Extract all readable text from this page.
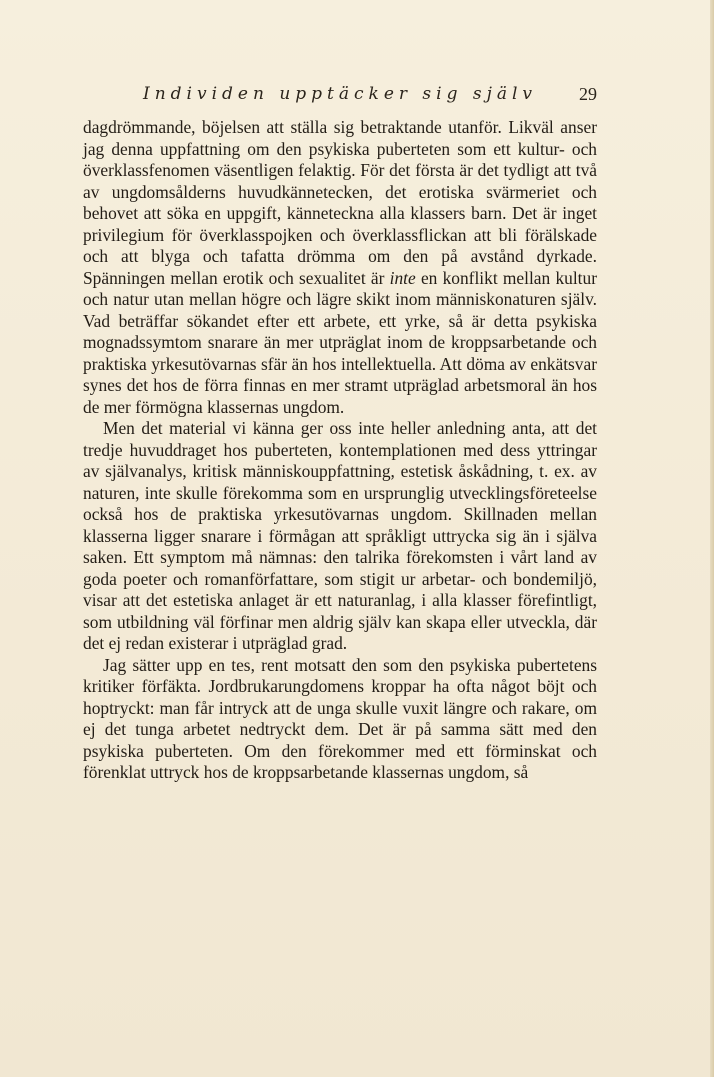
Individen upptäcker sig själv 29

dagdrömmande, böjelsen att ställa sig betraktande utanför. Likväl anser jag denna uppfattning om den psykiska puberteten som ett kultur- och överklassfenomen väsentligen felaktig. För det första är det tydligt att två av ungdomsålderns huvudkännetecken, det erotiska svärmeriet och behovet att söka en uppgift, känneteckna alla klassers barn. Det är inget privilegium för överklasspojken och överklassflickan att bli förälskade och att blyga och tafatta drömma om den på avstånd dyrkade. Spänningen mellan erotik och sexualitet är inte en konflikt mellan kultur och natur utan mellan högre och lägre skikt inom människonaturen själv. Vad beträffar sökandet efter ett arbete, ett yrke, så är detta psykiska mognadssymtom snarare än mer utpräglat inom de kroppsarbetande och praktiska yrkesutövarnas sfär än hos intellektuella. Att döma av enkätsvar synes det hos de förra finnas en mer stramt utpräglad arbetsmoral än hos de mer förmögna klassernas ungdom.

Men det material vi känna ger oss inte heller anledning anta, att det tredje huvuddraget hos puberteten, kontemplationen med dess yttringar av självanalys, kritisk människouppfattning, estetisk åskådning, t. ex. av naturen, inte skulle förekomma som en ursprunglig utvecklingsföreteelse också hos de praktiska yrkesutövarnas ungdom. Skillnaden mellan klasserna ligger snarare i förmågan att språkligt uttrycka sig än i själva saken. Ett symptom må nämnas: den talrika förekomsten i vårt land av goda poeter och romanförfattare, som stigit ur arbetar- och bondemiljö, visar att det estetiska anlaget är ett naturanlag, i alla klasser förefintligt, som utbildning väl förfinar men aldrig själv kan skapa eller utveckla, där det ej redan existerar i utpräglad grad.

Jag sätter upp en tes, rent motsatt den som den psykiska pubertetens kritiker förfäkta. Jordbrukarungdomens kroppar ha ofta något böjt och hoptryckt: man får intryck att de unga skulle vuxit längre och rakare, om ej det tunga arbetet nedtryckt dem. Det är på samma sätt med den psykiska puberteten. Om den förekommer med ett förminskat och förenklat uttryck hos de kroppsarbetande klassernas ungdom, så
